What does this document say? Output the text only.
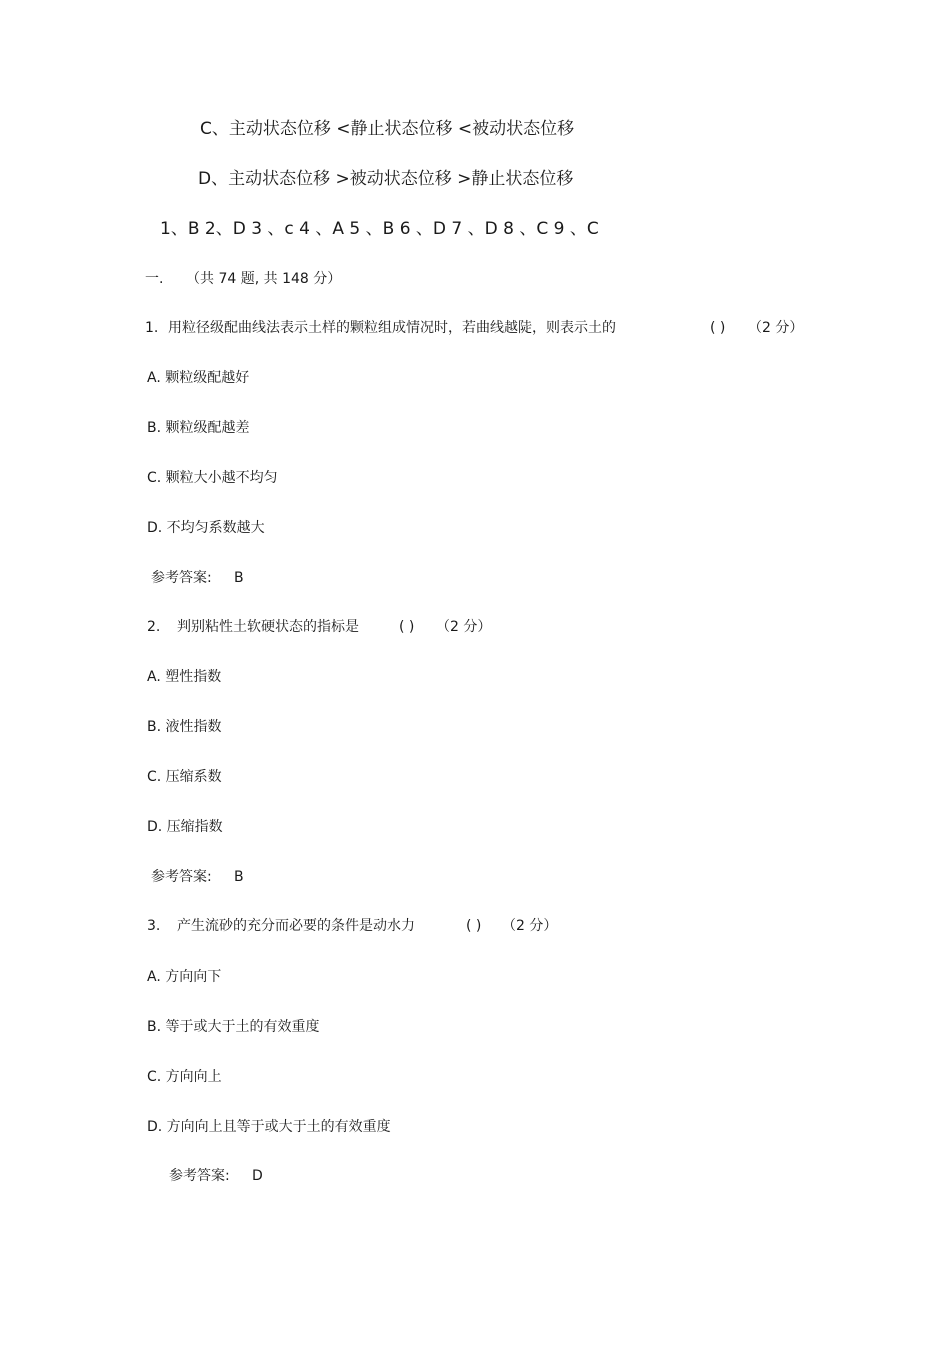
C、主动状态位移 <静止状态位移 <被动状态位移
D、主动状态位移 >被动状态位移 >静止状态位移
1、B 2、D 3 、c 4 、A 5 、B 6 、D 7 、D 8 、C 9 、C
一. （共 74 题, 共 148 分）
1. 用粒径级配曲线法表示土样的颗粒组成情况时，若曲线越陡，则表示土的	( ) （2 分）
A. 颗粒级配越好
B. 颗粒级配越差
C. 颗粒大小越不均匀
D. 不均匀系数越大
参考答案: B
2. 判别粘性土软硬状态的指标是	( ) （2 分）
A. 塑性指数
B. 液性指数
C. 压缩系数
D. 压缩指数
参考答案: B
3. 产生流砂的充分而必要的条件是动水力	( ) （2 分）
A. 方向向下
B. 等于或大于土的有效重度
C. 方向向上
D. 方向向上且等于或大于土的有效重度
参考答案: D
